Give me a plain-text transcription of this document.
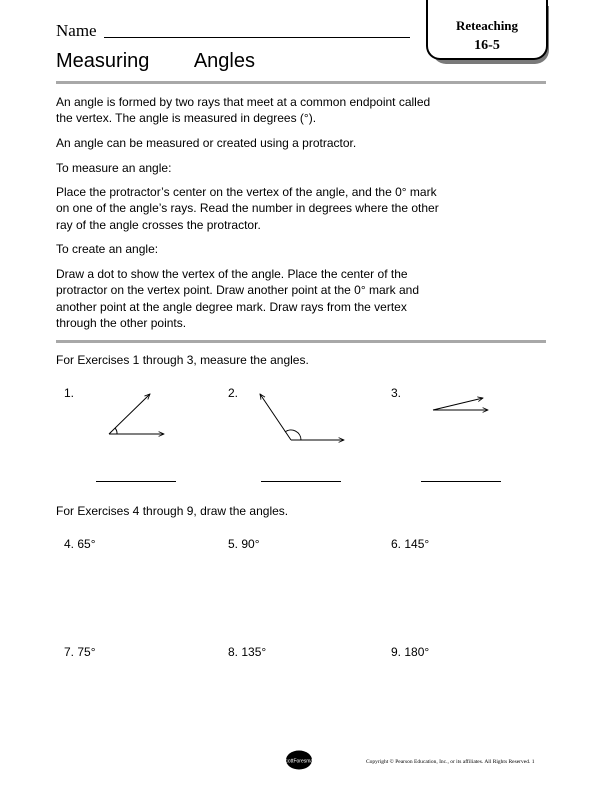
Name	Reteaching
16-5
Measuring Angles
An angle is formed by two rays that meet at a common endpoint called the vertex. The angle is measured in degrees (°).
An angle can be measured or created using a protractor.
To measure an angle:
Place the protractor’s center on the vertex of the angle, and the 0° mark on one of the angle’s rays. Read the number in degrees where the other ray of the angle crosses the protractor.
To create an angle:
Draw a dot to show the vertex of the angle. Place the center of the protractor on the vertex point. Draw another point at the 0° mark and another point at the angle degree mark. Draw rays from the vertex through the other points.
For Exercises 1 through 3, measure the angles.
1.	2.	3.
For Exercises 4 through 9, draw the angles.
4. 65°	5. 90°	6. 145°
7. 75°	8. 135°	9. 180°
ScottForesman	Copyright © Pearson Education, Inc., or its affiliates. All Rights Reserved. 1
